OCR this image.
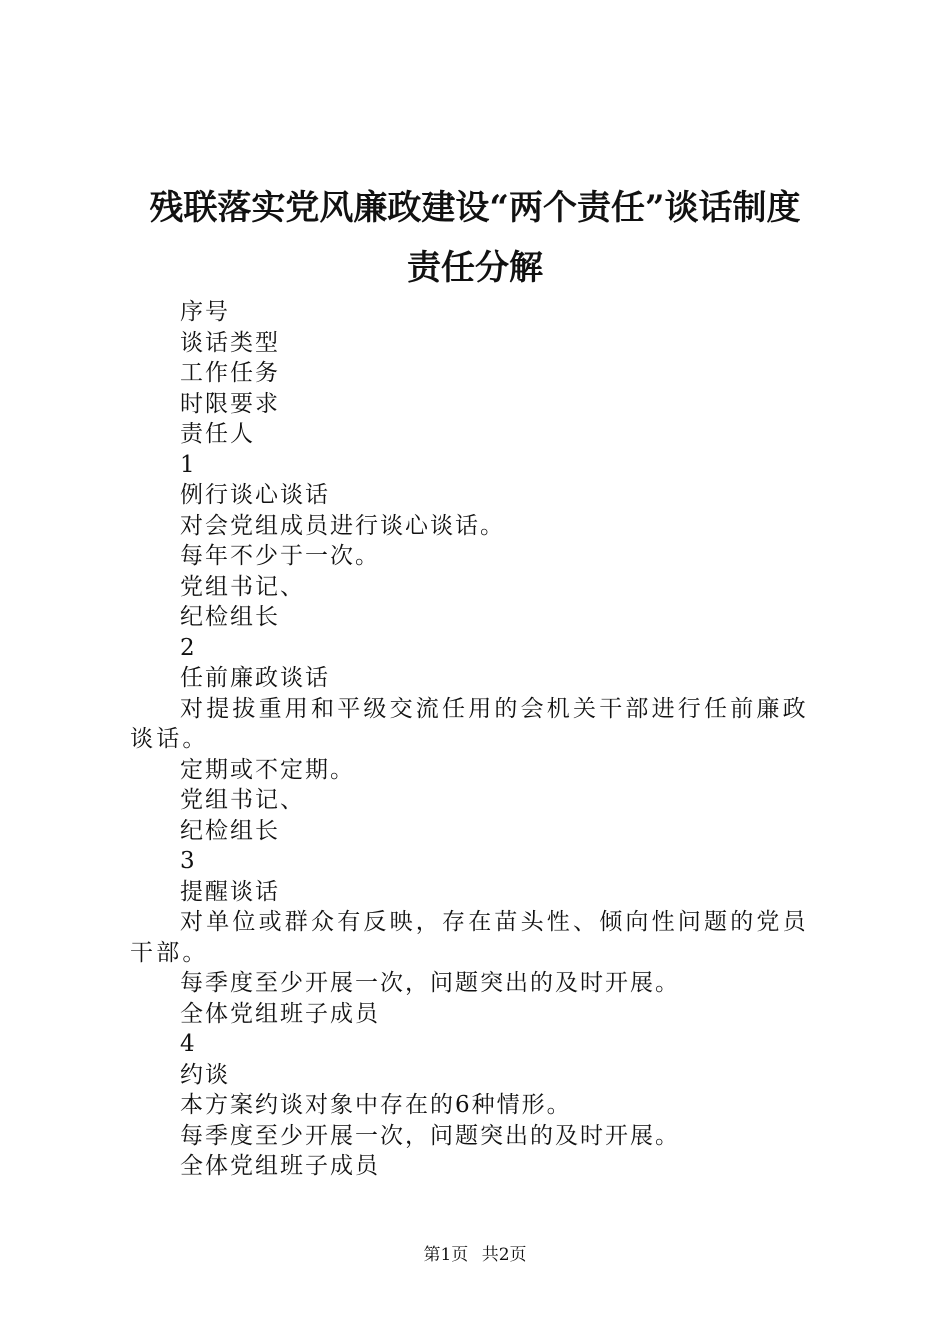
残联落实党风廉政建设“两个责任”谈话制度
责任分解
序号
谈话类型
工作任务
时限要求
责任人
1
例行谈心谈话
对会党组成员进行谈心谈话。
每年不少于一次。
党组书记、
纪检组长
2
任前廉政谈话
对提拔重用和平级交流任用的会机关干部进行任前廉政谈话。
定期或不定期。
党组书记、
纪检组长
3
提醒谈话
对单位或群众有反映，存在苗头性、倾向性问题的党员干部。
每季度至少开展一次，问题突出的及时开展。
全体党组班子成员
4
约谈
本方案约谈对象中存在的6种情形。
每季度至少开展一次，问题突出的及时开展。
全体党组班子成员
第1页 共2页
